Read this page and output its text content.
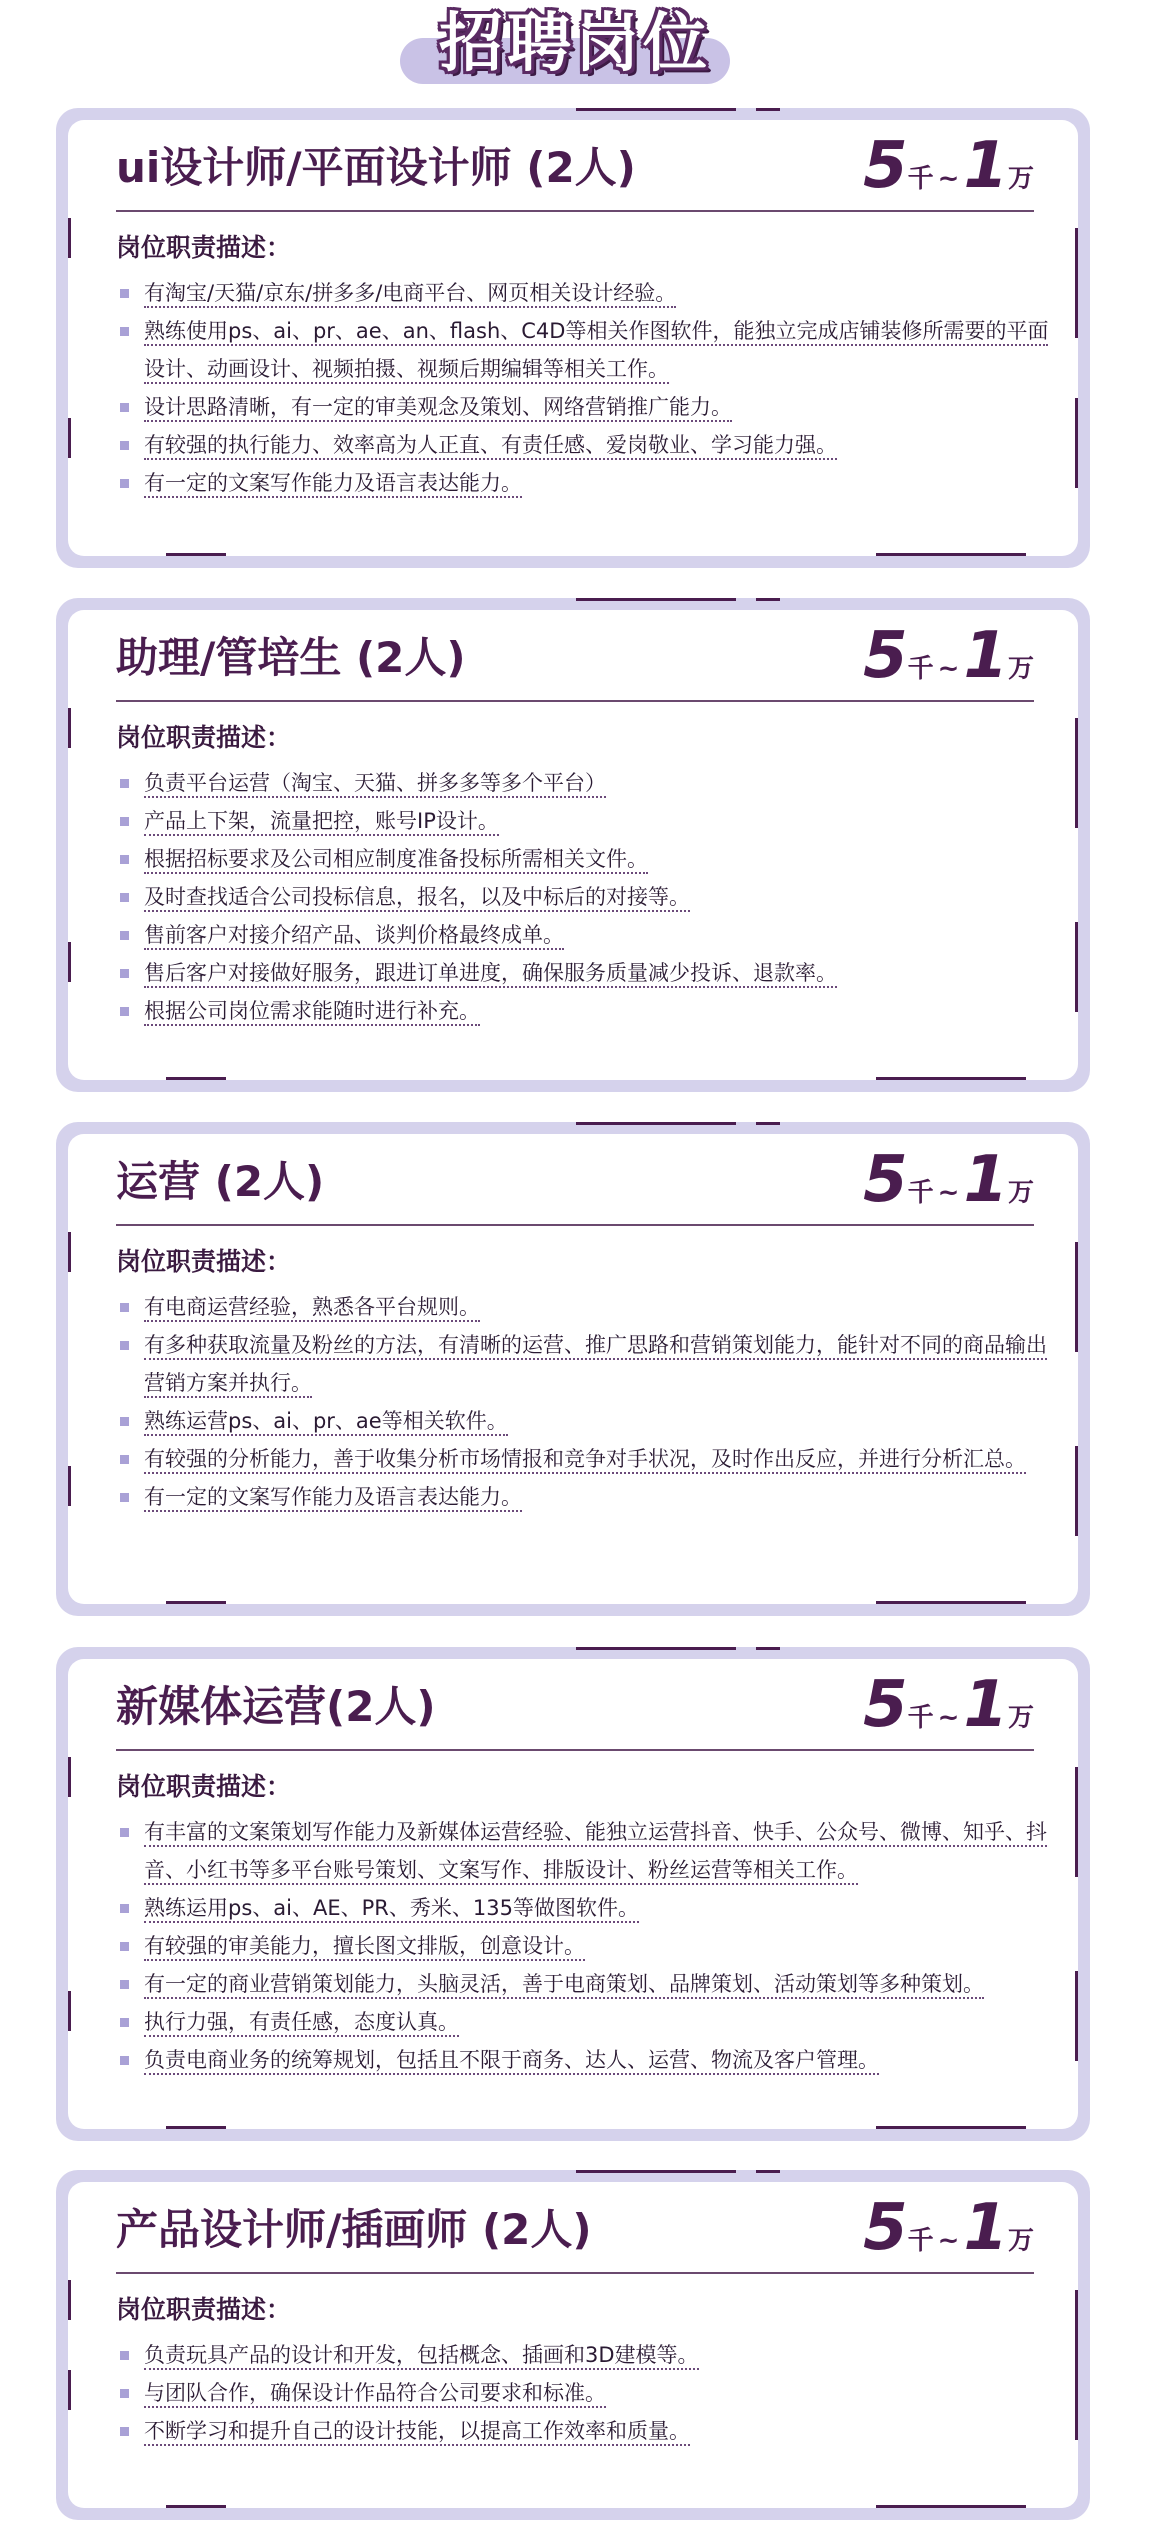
招聘岗位
ui设计师/平面设计师 (2人)	5千 ~1万
岗位职责描述：
有淘宝/天猫/京东/拼多多/电商平台、网页相关设计经验。
熟练使用ps、ai、pr、ae、an、flash、C4D等相关作图软件，能独立完成店铺装修所需要的平面设计、动画设计、视频拍摄、视频后期编辑等相关工作。
设计思路清晰，有一定的审美观念及策划、网络营销推广能力。
有较强的执行能力、效率高为人正直、有责任感、爱岗敬业、学习能力强。
有一定的文案写作能力及语言表达能力。
助理/管培生 (2人)	5千 ~1万
岗位职责描述：
负责平台运营（淘宝、天猫、拼多多等多个平台）
产品上下架，流量把控，账号IP设计。
根据招标要求及公司相应制度准备投标所需相关文件。
及时查找适合公司投标信息，报名，以及中标后的对接等。
售前客户对接介绍产品、谈判价格最终成单。
售后客户对接做好服务，跟进订单进度，确保服务质量减少投诉、退款率。
根据公司岗位需求能随时进行补充。
运营 (2人)	5千 ~1万
岗位职责描述：
有电商运营经验，熟悉各平台规则。
有多种获取流量及粉丝的方法，有清晰的运营、推广思路和营销策划能力，能针对不同的商品输出营销方案并执行。
熟练运营ps、ai、pr、ae等相关软件。
有较强的分析能力，善于收集分析市场情报和竞争对手状况，及时作出反应，并进行分析汇总。
有一定的文案写作能力及语言表达能力。
新媒体运营(2人)	5千 ~1万
岗位职责描述：
有丰富的文案策划写作能力及新媒体运营经验、能独立运营抖音、快手、公众号、微博、知乎、抖音、小红书等多平台账号策划、文案写作、排版设计、粉丝运营等相关工作。
熟练运用ps、ai、AE、PR、秀米、135等做图软件。
有较强的审美能力，擅长图文排版，创意设计。
有一定的商业营销策划能力，头脑灵活，善于电商策划、品牌策划、活动策划等多种策划。
执行力强，有责任感，态度认真。
负责电商业务的统筹规划，包括且不限于商务、达人、运营、物流及客户管理。
产品设计师/插画师 (2人)	5千 ~1万
岗位职责描述：
负责玩具产品的设计和开发，包括概念、插画和3D建模等。
与团队合作，确保设计作品符合公司要求和标准。
不断学习和提升自己的设计技能，以提高工作效率和质量。
